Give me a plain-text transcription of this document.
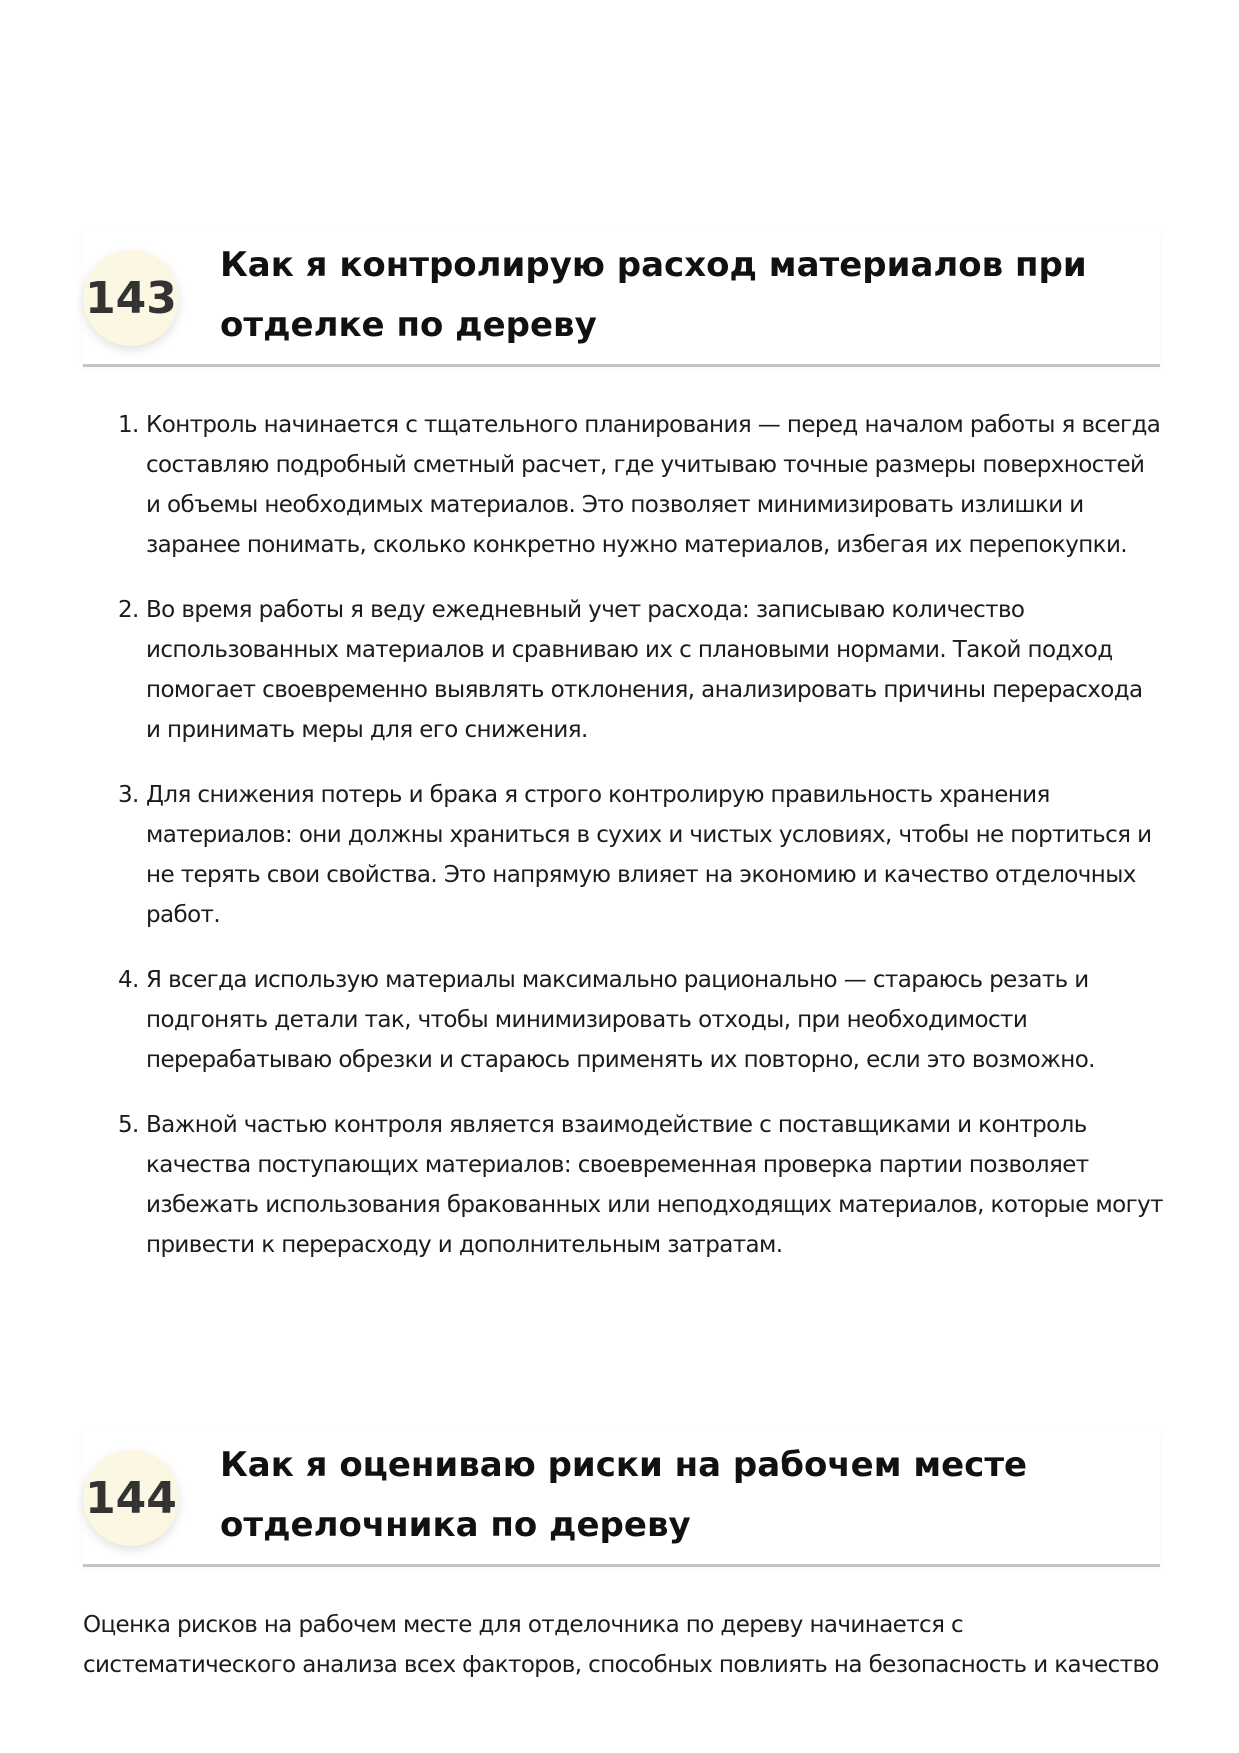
143
Как я контролирую расход материалов при отделке по дереву
1. Контроль начинается с тщательного планирования — перед началом работы я всегда составляю подробный сметный расчет, где учитываю точные размеры поверхностей и объемы необходимых материалов. Это позволяет минимизировать излишки и заранее понимать, сколько конкретно нужно материалов, избегая их перепокупки.
2. Во время работы я веду ежедневный учет расхода: записываю количество использованных материалов и сравниваю их с плановыми нормами. Такой подход помогает своевременно выявлять отклонения, анализировать причины перерасхода и принимать меры для его снижения.
3. Для снижения потерь и брака я строго контролирую правильность хранения материалов: они должны храниться в сухих и чистых условиях, чтобы не портиться и не терять свои свойства. Это напрямую влияет на экономию и качество отделочных работ.
4. Я всегда использую материалы максимально рационально — стараюсь резать и подгонять детали так, чтобы минимизировать отходы, при необходимости перерабатываю обрезки и стараюсь применять их повторно, если это возможно.
5. Важной частью контроля является взаимодействие с поставщиками и контроль качества поступающих материалов: своевременная проверка партии позволяет избежать использования бракованных или неподходящих материалов, которые могут привести к перерасходу и дополнительным затратам.
144
Как я оцениваю риски на рабочем месте отделочника по дереву

Оценка рисков на рабочем месте для отделочника по дереву начинается с систематического анализа всех факторов, способных повлиять на безопасность и качество
